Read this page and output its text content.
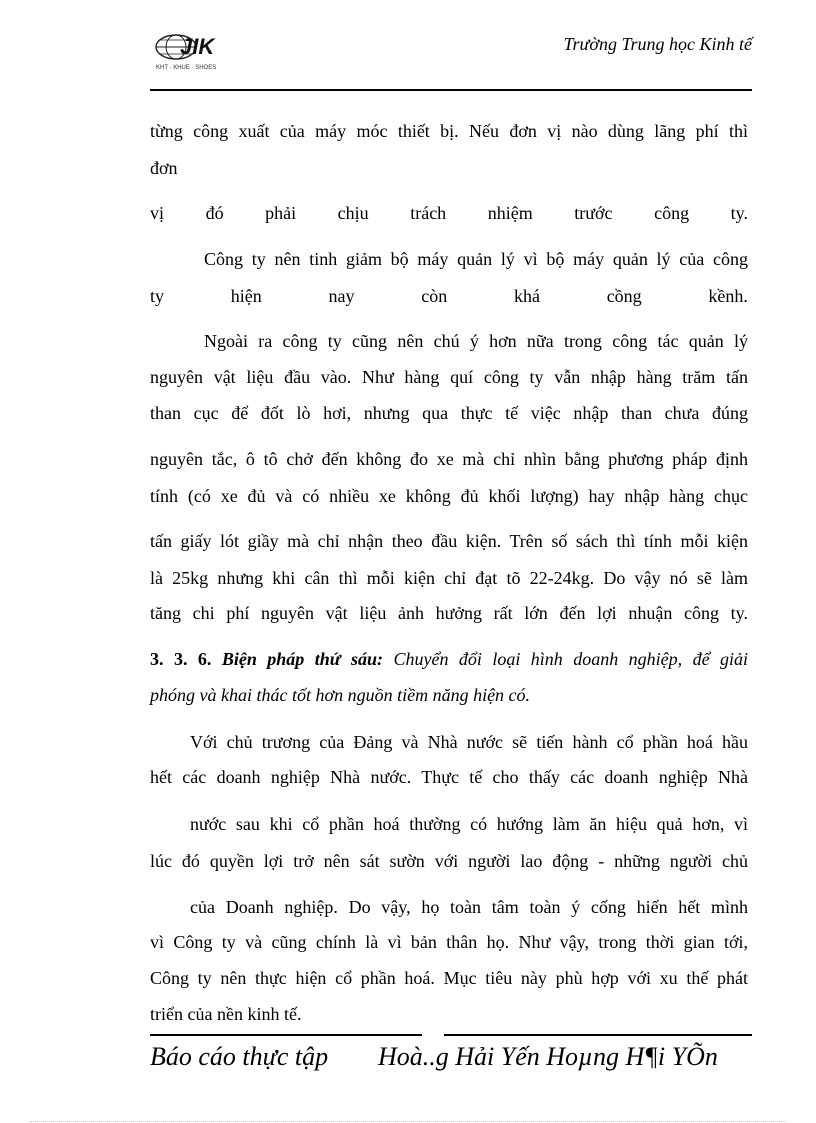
JIK
KHT · KHUE · SHOES
Trường Trung học Kinh tế
từng công xuất của máy móc thiết bị. Nếu đơn vị nào dùng lãng phí thì
đơn
vị đó phải chịu trách nhiệm trước công ty.
Công ty nên tinh giảm bộ máy quản lý vì bộ máy quản lý của công
ty	hiện	nay	còn	khá	cồng	kềnh.
Ngoài ra công ty cũng nên chú ý hơn nữa trong công tác quản lý
nguyên vật liệu đầu vào. Như hàng quí công ty vẫn nhập hàng trăm tấn
than cục để đốt lò hơi, nhưng qua thực tế việc nhập than chưa đúng
nguyên tắc, ô tô chở đến không đo xe mà chỉ nhìn bằng phương pháp định
tính (có xe đủ và có nhiều xe không đủ khối lượng) hay nhập hàng chục
tấn giấy lót giầy mà chỉ nhận theo đầu kiện. Trên số sách thì tính mỗi kiện
là 25kg nhưng khi cân thì mỗi kiện chỉ đạt tõ 22-24kg. Do vậy nó sẽ làm
tăng chi phí nguyên vật liệu ảnh hưởng rất lớn đến lợi nhuận công ty.
3. 3. 6. Biện pháp thứ sáu: Chuyển đổi loại hình doanh nghiệp, để giải
phóng và khai thác tốt hơn nguồn tiềm năng hiện có.
Với chủ trương của Đảng và Nhà nước sẽ tiến hành cổ phần hoá hầu
hết các doanh nghiệp Nhà nước. Thực tế cho thấy các doanh nghiệp Nhà
nước sau khi cổ phần hoá thường có hướng làm ăn hiệu quả hơn, vì
lúc đó quyền lợi trở nên sát sườn với người lao động - những người chủ
của Doanh nghiệp. Do vậy, họ toàn tâm toàn ý cống hiến hết mình
vì Công ty và cũng chính là vì bản thân họ. Như vậy, trong thời gian tới,
Công ty nên thực hiện cổ phần hoá. Mục tiêu này phù hợp với xu thế phát
triển của nền kinh tế.
Báo cáo thực tập Hoà..g Hải Yến Hoµng H¶i YÕn
